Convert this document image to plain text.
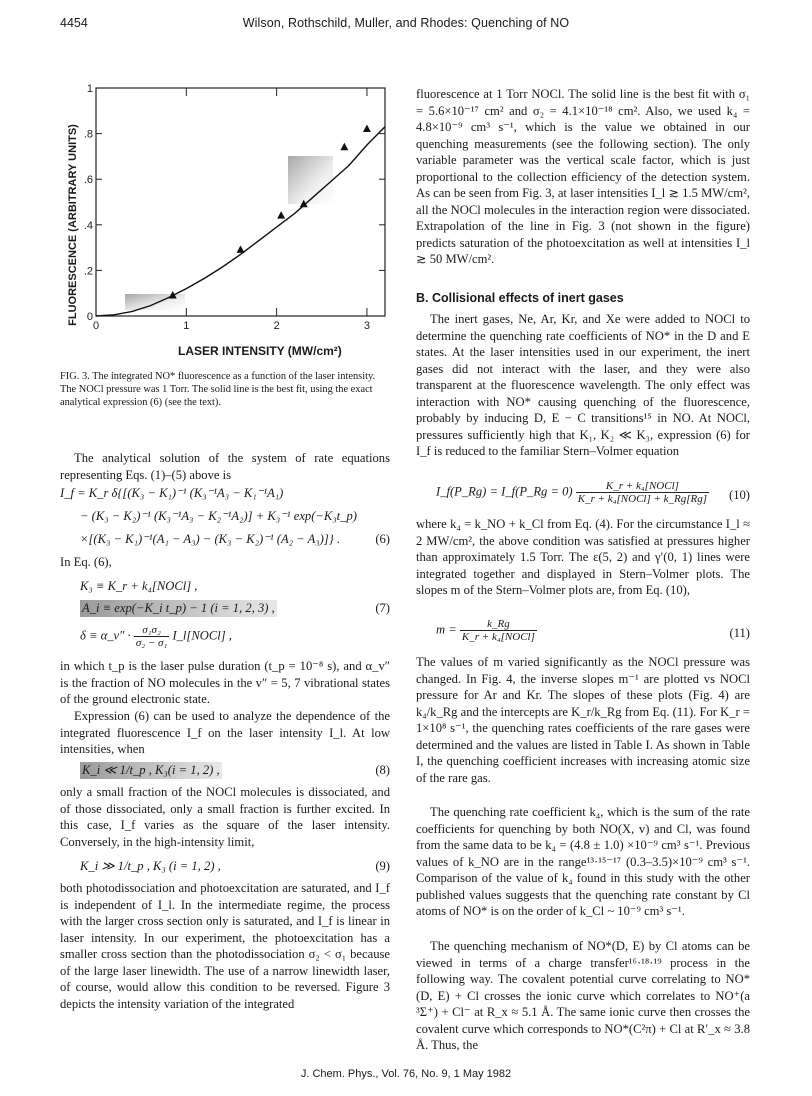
4454	Wilson, Rothschild, Muller, and Rhodes: Quenching of NO
0
.2
.4
.6
.8
1
0	1	2	3
FLUORESCENCE (ARBITRARY UNITS)
LASER INTENSITY (MW/cm²)
FIG. 3. The integrated NO* fluorescence as a function of the laser intensity. The NOCl pressure was 1 Torr. The solid line is the best fit, using the exact analytical expression (6) (see the text).

The analytical solution of the system of rate equations representing Eqs. (1)–(5) above is

I_f = K_r δ{[(K₃ − K₁)⁻¹ (K₃⁻¹A₃ − K₁⁻¹A₁)
− (K₃ − K₂)⁻¹ (K₃⁻¹A₃ − K₂⁻¹A₂)] + K₃⁻¹ exp(−K₃t_p)
×[(K₃ − K₁)⁻¹(A₁ − A₃) − (K₃ − K₂)⁻¹ (A₂ − A₃)]} .	(6)

In Eq. (6),

K₃ ≡ K_r + k₄[NOCl] ,
A_i ≡ exp(−K_i t_p) − 1 (i = 1, 2, 3) ,	(7)
δ ≡ α_v″ · $\frac{\text{σ₁σ₂}}{\text{σ₂ − σ₁}}$ I_l[NOCl] ,

in which t_p is the laser pulse duration (t_p = 10⁻⁸ s), and α_v″ is the fraction of NO molecules in the v″ = 5, 7 vibrational states of the ground electronic state.

Expression (6) can be used to analyze the dependence of the integrated fluorescence I_f on the laser intensity I_l. At low intensities, when

K_i ≪ 1/t_p , K₃(i = 1, 2) ,	(8)

only a small fraction of the NOCl molecules is dissociated, and of those dissociated, only a small fraction is further excited. In this case, I_f varies as the square of the laser intensity. Conversely, in the high-intensity limit,

K_i ≫ 1/t_p , K₃ (i = 1, 2) ,	(9)

both photodissociation and photoexcitation are saturated, and I_f is independent of I_l. In the intermediate regime, the process with the larger cross section only is saturated, and I_f is linear in laser intensity. In our experiment, the photoexcitation has a smaller cross section than the photodissociation σ₂ < σ₁ because of the large laser linewidth. The use of a narrow linewidth laser, of course, would allow this condition to be reversed. Figure 3 depicts the intensity variation of the integrated

fluorescence at 1 Torr NOCl. The solid line is the best fit with σ₁ = 5.6×10⁻¹⁷ cm² and σ₂ = 4.1×10⁻¹⁸ cm². Also, we used k₄ = 4.8×10⁻⁹ cm³ s⁻¹, which is the value we obtained in our quenching measurements (see the following section). The only variable parameter was the vertical scale factor, which is just proportional to the collection efficiency of the detection system. As can be seen from Fig. 3, at laser intensities I_l ≳ 1.5 MW/cm², all the NOCl molecules in the interaction region were dissociated. Extrapolation of the line in Fig. 3 (not shown in the figure) predicts saturation of the photoexcitation as well at intensities I_l ≳ 50 MW/cm².

B. Collisional effects of inert gases

The inert gases, Ne, Ar, Kr, and Xe were added to NOCl to determine the quenching rate coefficients of NO* in the D and E states. At the laser intensities used in our experiment, the inert gases did not interact with the laser, and they were also transparent at the fluorescence wavelength. The only effect was interaction with NO* causing quenching of the fluorescence, probably by inducing D, E − C transitions¹⁵ in NO. At NOCl, pressures sufficiently high that K₁, K₂ ≪ K₃, expression (6) for I_f is reduced to the familiar Stern–Volmer equation

I_f(P_Rg) = I_f(P_Rg = $0) \frac{\text{K\_r + k₄[NOCl]}}{\text{K\_r + k₄[NOCl] + k\_Rg[Rg]}} (10)$

where k₄ = k_NO + k_Cl from Eq. (4). For the circumstance I_l ≈ 2 MW/cm², the above condition was satisfied at pressures higher than approximately 1.5 Torr. The ε(5, 2) and γ′(0, 1) lines were integrated together and displayed in Stern–Volmer plots. The slopes m of the Stern–Volmer plots are, from Eq. (10),

$m = \frac{k\_Rg}{\text{K\_r + k₄[NOCl]}}$	(11)

The values of m varied significantly as the NOCl pressure was changed. In Fig. 4, the inverse slopes m⁻¹ are plotted vs NOCl pressure for Ar and Kr. The slopes of these plots (Fig. 4) are k₄/k_Rg and the intercepts are K_r/k_Rg from Eq. (11). For K_r = 1×10⁸ s⁻¹, the quenching rates coefficients of the rare gases were determined and the values are listed in Table I. As shown in Table I, the quenching coefficient increases with increasing atomic size of the rare gas.

The quenching rate coefficient k₄, which is the sum of the rate coefficients for quenching by both NO(X, v) and Cl, was found from the same data to be k₄ = (4.8 ± 1.0) ×10⁻⁹ cm³ s⁻¹. Previous values of k_NO are in the range¹³·¹⁵⁻¹⁷ (0.3–3.5)×10⁻⁹ cm³ s⁻¹. Comparison of the value of k₄ found in this study with the other published values suggests that the quenching rate constant by Cl atoms of NO* is on the order of k_Cl ~ 10⁻⁹ cm³ s⁻¹.

The quenching mechanism of NO*(D, E) by Cl atoms can be viewed in terms of a charge transfer¹⁶·¹⁸·¹⁹ process in the following way. The covalent potential curve correlating to NO*(D, E) + Cl crosses the ionic curve which correlates to NO⁺(a ³Σ⁺) + Cl⁻ at R_x ≈ 5.1 Å. The same ionic curve then crosses the covalent curve which corresponds to NO*(C²π) + Cl at R′_x ≈ 3.8 Å. Thus, the

J. Chem. Phys., Vol. 76, No. 9, 1 May 1982
